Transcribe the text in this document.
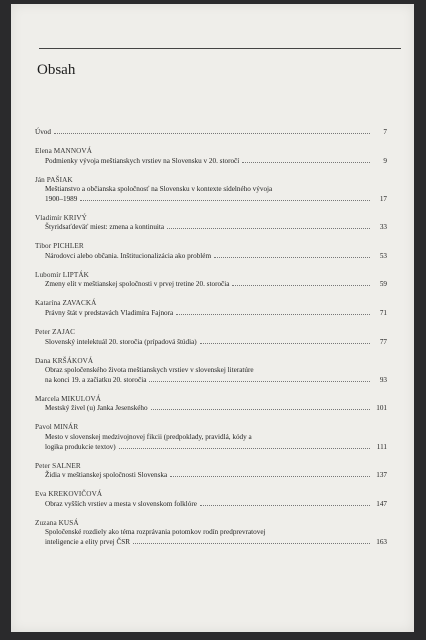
Obsah
Úvod	7
Elena MANNOVÁ
Podmienky vývoja meštianskych vrstiev na Slovensku v 20. storočí	9
Ján PAŠIAK
Meštianstvo a občianska spoločnosť na Slovensku v kontexte sídelného vývoja
1900–1989	17
Vladimír KRIVÝ
Štyridsaťdeväť miest: zmena a kontinuita	33
Tibor PICHLER
Národovci alebo občania. Inštitucionalizácia ako problém	53
Lubomír LIPTÁK
Zmeny elít v meštianskej spoločnosti v prvej tretine 20. storočia	59
Katarína ZAVACKÁ
Právny štát v predstavách Vladimíra Fajnora	71
Peter ZAJAC
Slovenský intelektuál 20. storočia (prípadová štúdia)	77
Dana KRŠÁKOVÁ
Obraz spoločenského života meštianskych vrstiev v slovenskej literatúre
na konci 19. a začiatku 20. storočia	93
Marcela MIKULOVÁ
Mestský živel (u) Janka Jesenského	101
Pavol MINÁR
Mesto v slovenskej medzivojnovej fikcii (predpoklady, pravidlá, kódy a
logika produkcie textov)	111
Peter SALNER
Židia v meštianskej spoločnosti Slovenska	137
Eva KREKOVIČOVÁ
Obraz vyšších vrstiev a mesta v slovenskom folklóre	147
Zuzana KUSÁ
Spoločenské rozdiely ako téma rozprávania potomkov rodín predprevratovej
inteligencie a elity prvej ČSR	163
